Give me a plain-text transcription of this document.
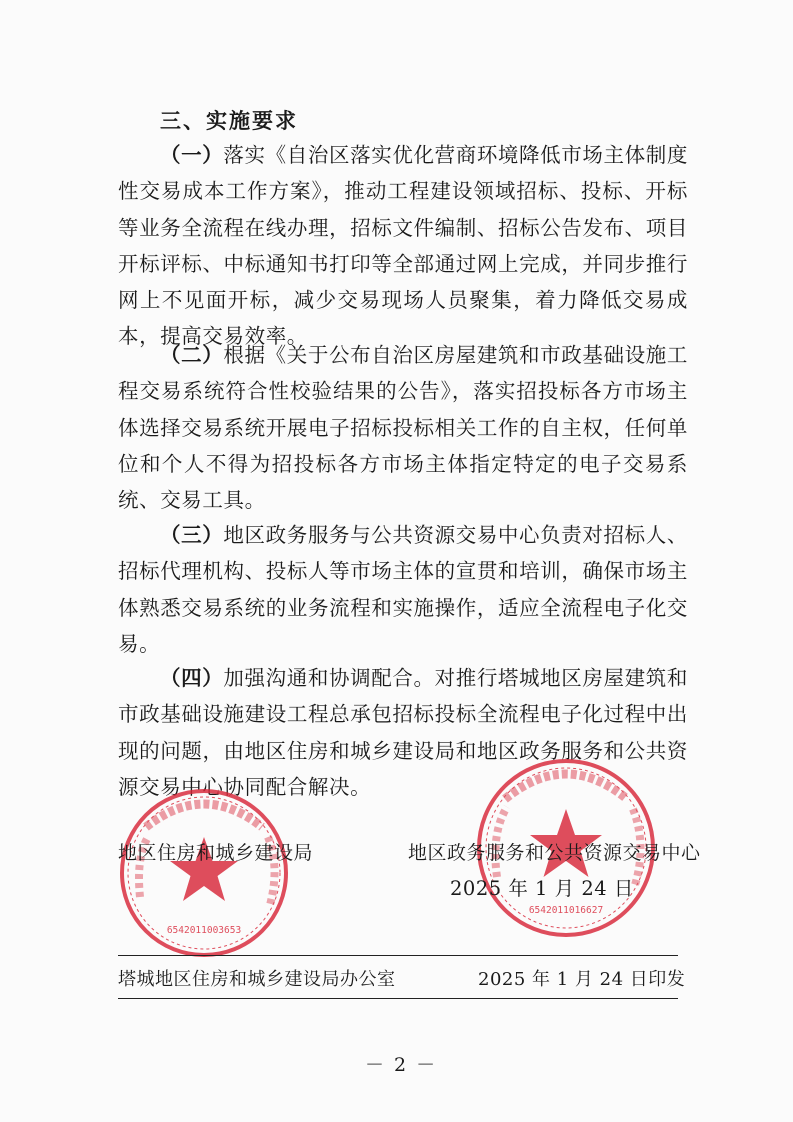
三、实施要求

（一）落实《自治区落实优化营商环境降低市场主体制度性交易成本工作方案》，推动工程建设领域招标、投标、开标等业务全流程在线办理，招标文件编制、招标公告发布、项目开标评标、中标通知书打印等全部通过网上完成，并同步推行网上不见面开标，减少交易现场人员聚集，着力降低交易成本，提高交易效率。

（二）根据《关于公布自治区房屋建筑和市政基础设施工程交易系统符合性校验结果的公告》，落实招投标各方市场主体选择交易系统开展电子招标投标相关工作的自主权，任何单位和个人不得为招投标各方市场主体指定特定的电子交易系统、交易工具。

（三）地区政务服务与公共资源交易中心负责对招标人、招标代理机构、投标人等市场主体的宣贯和培训，确保市场主体熟悉交易系统的业务流程和实施操作，适应全流程电子化交易。

（四）加强沟通和协调配合。对推行塔城地区房屋建筑和市政基础设施建设工程总承包招标投标全流程电子化过程中出现的问题，由地区住房和城乡建设局和地区政务服务和公共资源交易中心协同配合解决。

6542011003653
6542011016627
地区住房和城乡建设局	地区政务服务和公共资源交易中心
2025 年 1 月 24 日
塔城地区住房和城乡建设局办公室	2025 年 1 月 24 日印发
－ 2 －
